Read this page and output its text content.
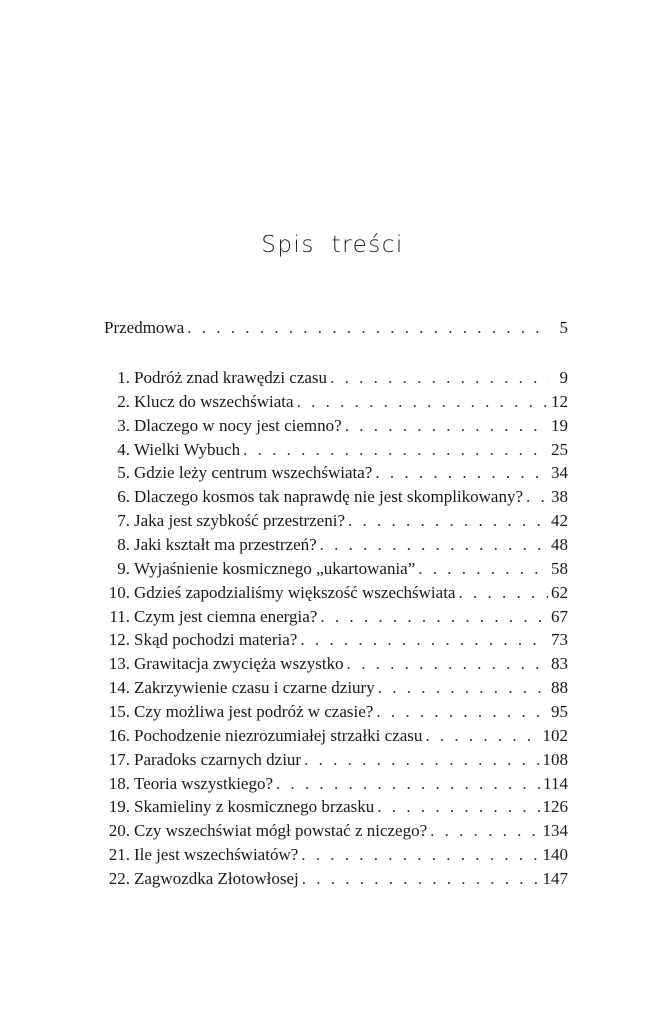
Spis treści
Przedmowa . . .	5
1. Podróż znad krawędzi czasu . . .	9
2. Klucz do wszechświata . . .	12
3. Dlaczego w nocy jest ciemno? . . .	19
4. Wielki Wybuch . . .	25
5. Gdzie leży centrum wszechświata? . . .	34
6. Dlaczego kosmos tak naprawdę nie jest skomplikowany? . . . 38
7. Jaka jest szybkość przestrzeni? . . .	42
8. Jaki kształt ma przestrzeń? . . .	48
9. Wyjaśnienie kosmicznego „ukartowania” . . .	58
10. Gdzieś zapodzialiśmy większość wszechświata . . .	62
11. Czym jest ciemna energia? . . .	67
12. Skąd pochodzi materia? . . .	73
13. Grawitacja zwycięża wszystko . . .	83
14. Zakrzywienie czasu i czarne dziury . . .	88
15. Czy możliwa jest podróż w czasie? . . .	95
16. Pochodzenie niezrozumiałej strzałki czasu . . .	102
17. Paradoks czarnych dziur . . .	108
18. Teoria wszystkiego? . . .	114
19. Skamieliny z kosmicznego brzasku . . .	126
20. Czy wszechświat mógł powstać z niczego? . . .	134
21. Ile jest wszechświatów? . . .	140
22. Zagwozdka Złotowłosej . . .	147
